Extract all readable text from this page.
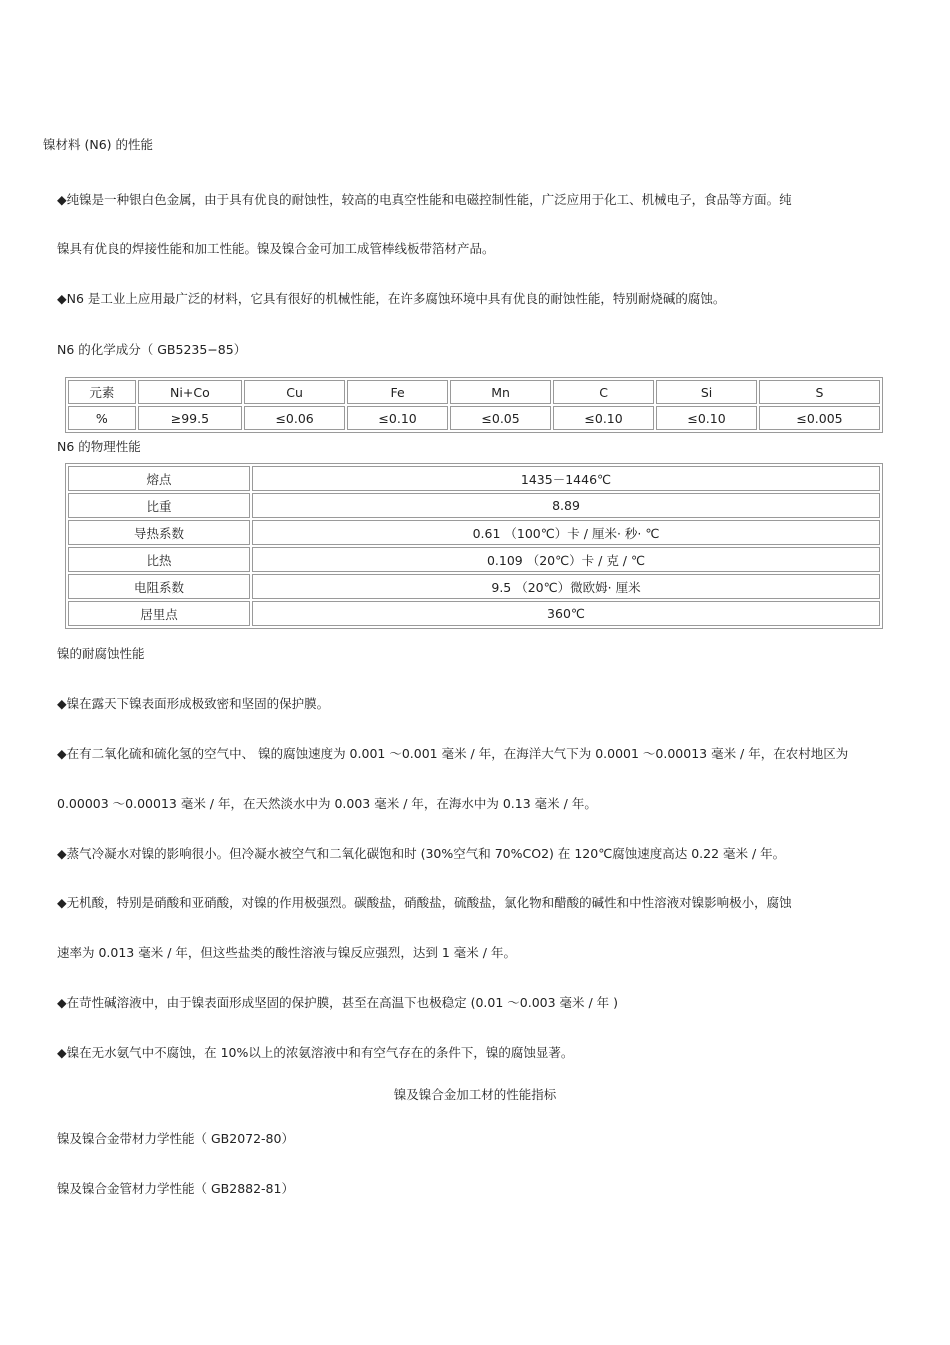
镍材料 (N6) 的性能
◆纯镍是一种银白色金属，由于具有优良的耐蚀性，较高的电真空性能和电磁控制性能，广泛应用于化工、机械电子，食品等方面。纯
镍具有优良的焊接性能和加工性能。镍及镍合金可加工成管棒线板带箔材产品。
◆N6 是工业上应用最广泛的材料，它具有很好的机械性能，在许多腐蚀环境中具有优良的耐蚀性能，特别耐烧碱的腐蚀。
N6 的化学成分（ GB5235−85）
元素	Ni+Co	Cu	Fe	Mn	C	Si	S
%	≥99.5	≤0.06	≤0.10	≤0.05	≤0.10	≤0.10	≤0.005
N6 的物理性能
熔点	1435－1446℃
比重	8.89
导热系数	0.61 （100℃）卡 / 厘米· 秒· ℃
比热	0.109 （20℃）卡 / 克 / ℃
电阻系数	9.5 （20℃）微欧姆· 厘米
居里点	360℃
镍的耐腐蚀性能
◆镍在露天下镍表面形成极致密和坚固的保护膜。
◆在有二氧化硫和硫化氢的空气中、 镍的腐蚀速度为 0.001 ～0.001 毫米 / 年，在海洋大气下为 0.0001 ～0.00013 毫米 / 年，在农村地区为
0.00003 ～0.00013 毫米 / 年，在天然淡水中为 0.003 毫米 / 年，在海水中为 0.13 毫米 / 年。
◆蒸气冷凝水对镍的影响很小。但冷凝水被空气和二氧化碳饱和时 (30%空气和 70%CO2) 在 120℃腐蚀速度高达 0.22 毫米 / 年。
◆无机酸，特别是硝酸和亚硝酸，对镍的作用极强烈。碳酸盐，硝酸盐，硫酸盐，氯化物和醋酸的碱性和中性溶液对镍影响极小，腐蚀
速率为 0.013 毫米 / 年，但这些盐类的酸性溶液与镍反应强烈，达到 1 毫米 / 年。
◆在苛性碱溶液中，由于镍表面形成坚固的保护膜，甚至在高温下也极稳定 (0.01 ～0.003 毫米 / 年 )
◆镍在无水氨气中不腐蚀，在 10%以上的浓氨溶液中和有空气存在的条件下，镍的腐蚀显著。
镍及镍合金加工材的性能指标
镍及镍合金带材力学性能（ GB2072-80）
镍及镍合金管材力学性能（ GB2882-81）
